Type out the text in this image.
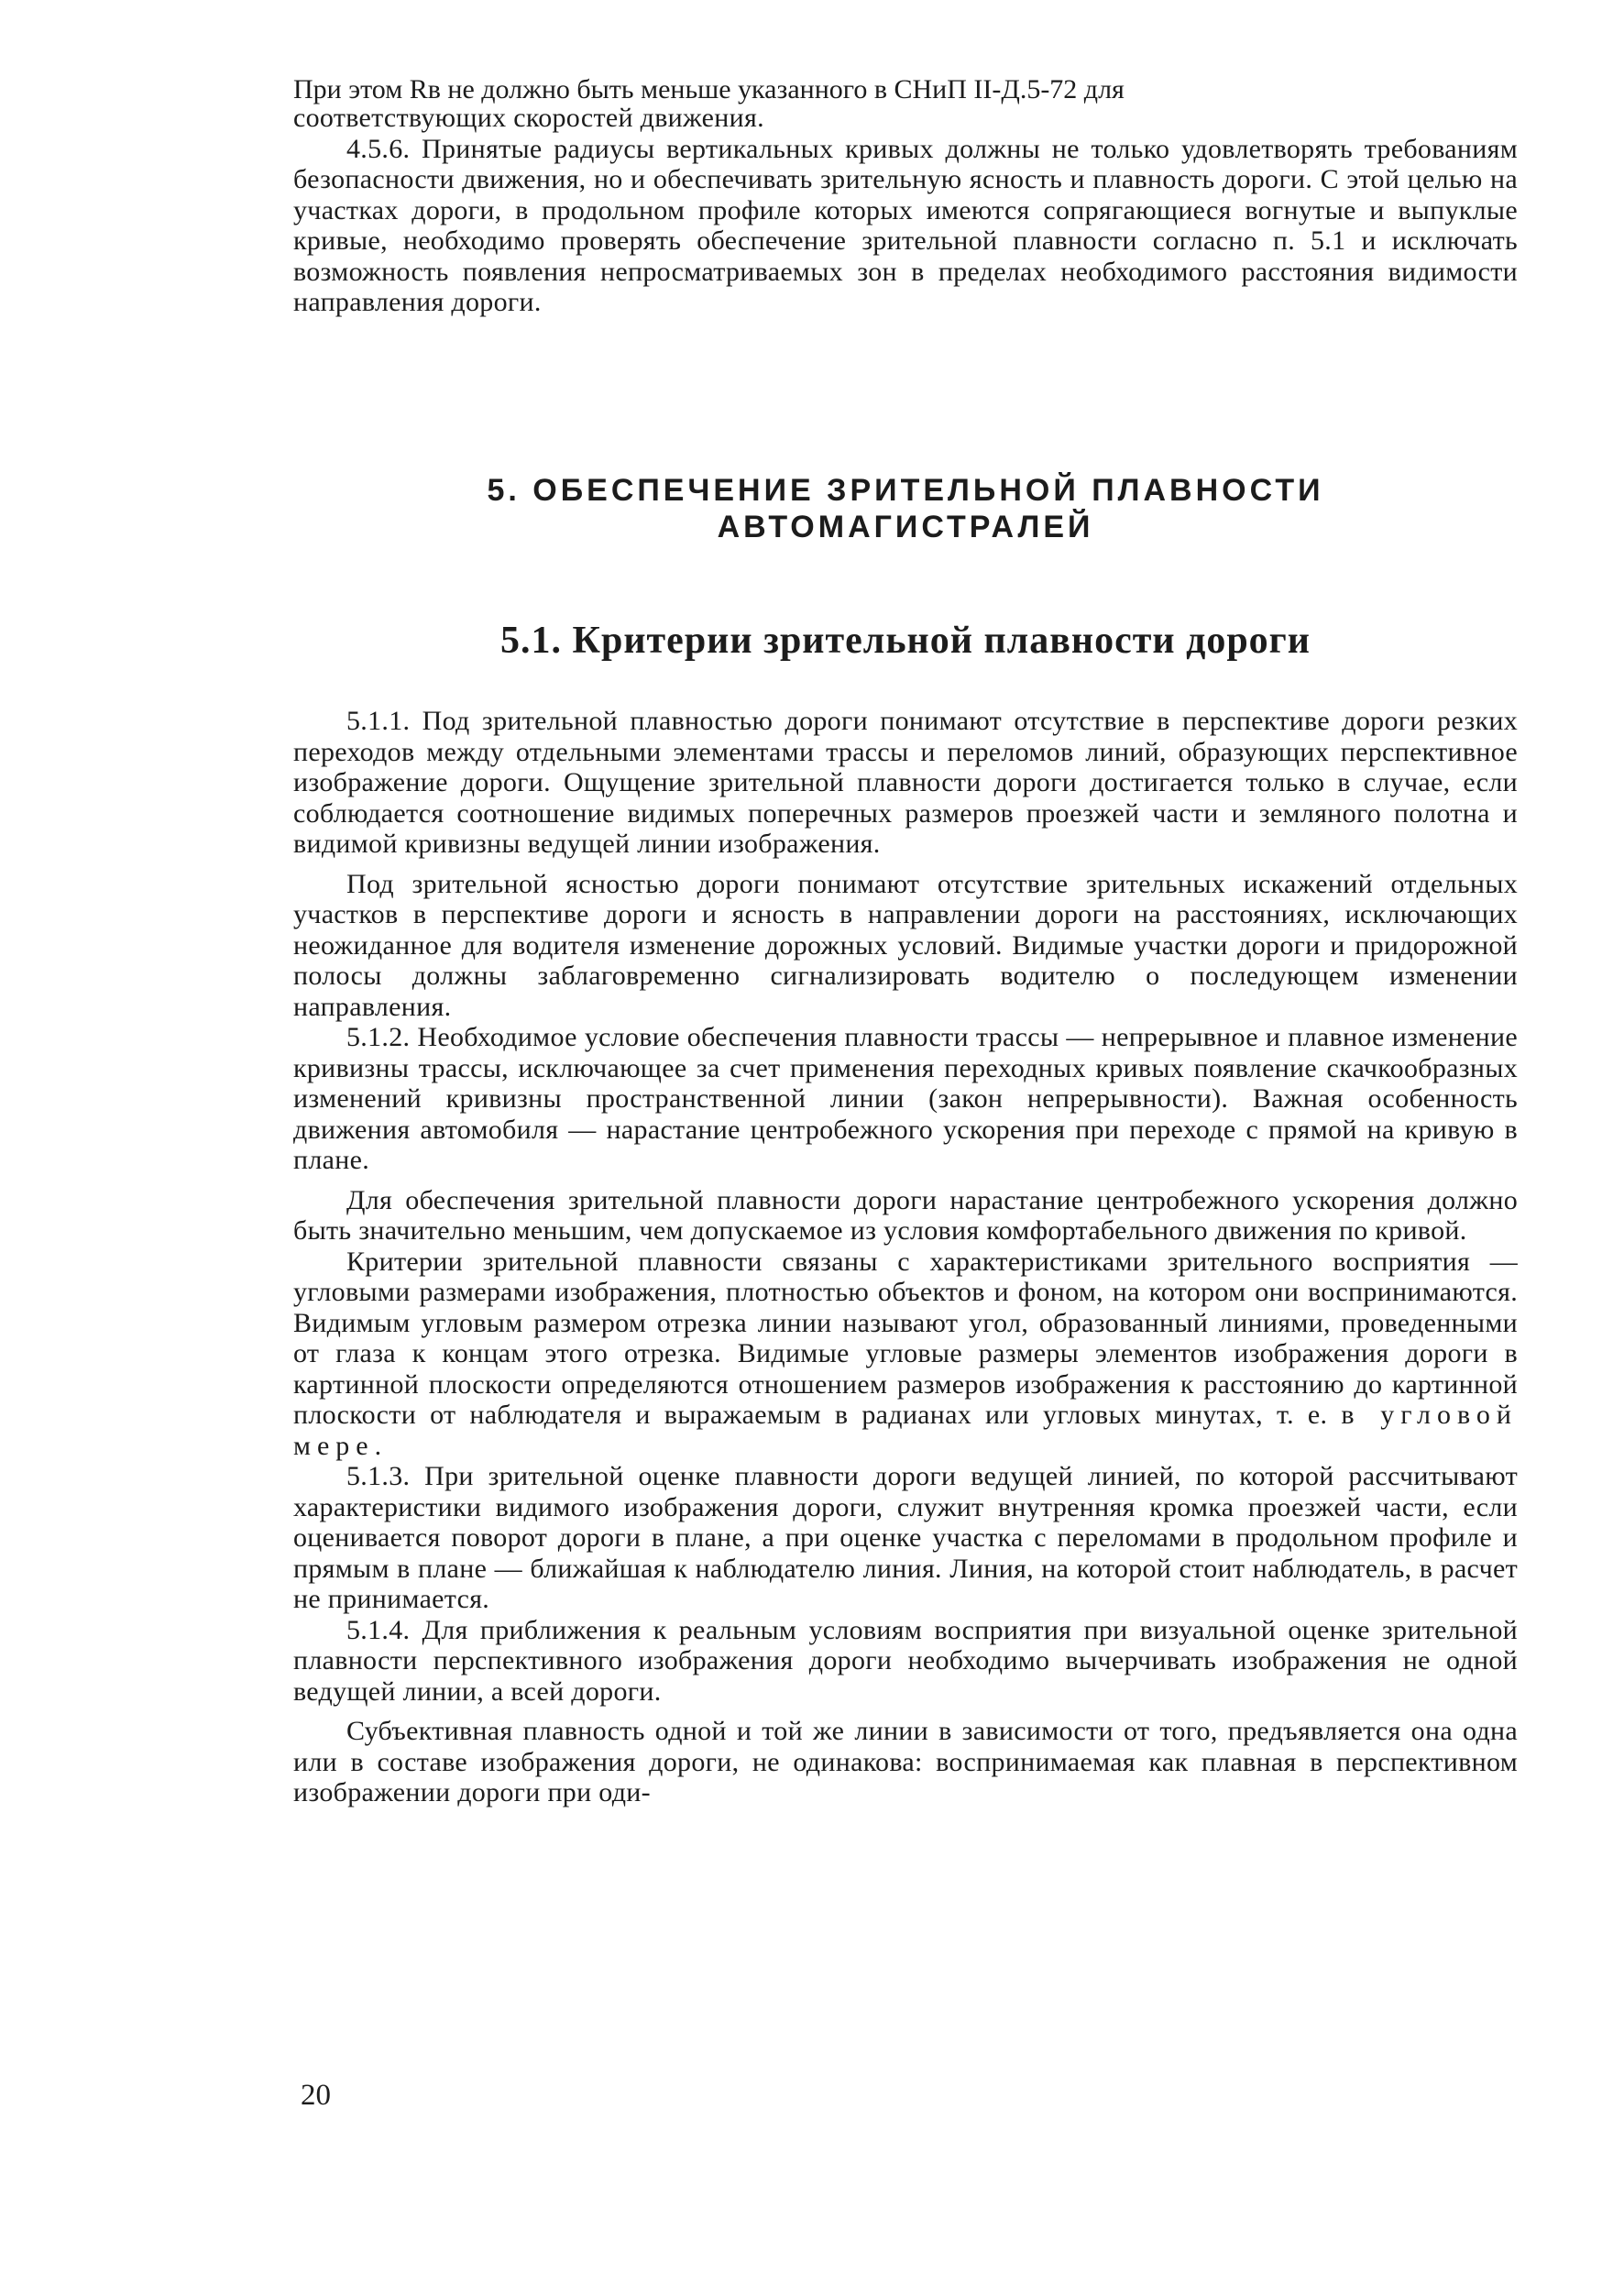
При этом Rв не должно быть меньше указанного в СНиП II-Д.5-72 для

соответствующих скоростей движения.

4.5.6. Принятые радиусы вертикальных кривых должны не только удовлетворять требованиям безопасности движения, но и обеспечивать зрительную ясность и плавность дороги. С этой целью на участках дороги, в продольном профиле которых имеются сопрягающиеся вогнутые и выпуклые кривые, необходимо проверять обеспечение зрительной плавности согласно п. 5.1 и исключать возможность появления непросматриваемых зон в пределах необходимого расстояния видимости направления дороги.

5. ОБЕСПЕЧЕНИЕ ЗРИТЕЛЬНОЙ ПЛАВНОСТИ
АВТОМАГИСТРАЛЕЙ
5.1. Критерии зрительной плавности дороги

5.1.1. Под зрительной плавностью дороги понимают отсутствие в перспективе дороги резких переходов между отдельными элементами трассы и переломов линий, образующих перспективное изображение дороги. Ощущение зрительной плавности дороги достигается только в случае, если соблюдается соотношение видимых поперечных размеров проезжей части и земляного полотна и видимой кривизны ведущей линии изображения.

Под зрительной ясностью дороги понимают отсутствие зрительных искажений отдельных участков в перспективе дороги и ясность в направлении дороги на расстояниях, исключающих неожиданное для водителя изменение дорожных условий. Видимые участки дороги и придорожной полосы должны заблаговременно сигнализировать водителю о последующем изменении направления.

5.1.2. Необходимое условие обеспечения плавности трассы — непрерывное и плавное изменение кривизны трассы, исключающее за счет применения переходных кривых появление скачкообразных изменений кривизны пространственной линии (закон непрерывности). Важная особенность движения автомобиля — нарастание центробежного ускорения при переходе с прямой на кривую в плане.

Для обеспечения зрительной плавности дороги нарастание центробежного ускорения должно быть значительно меньшим, чем допускаемое из условия комфортабельного движения по кривой.

Критерии зрительной плавности связаны с характеристиками зрительного восприятия — угловыми размерами изображения, плотностью объектов и фоном, на котором они воспринимаются. Видимым угловым размером отрезка линии называют угол, образованный линиями, проведенными от глаза к концам этого отрезка. Видимые угловые размеры элементов изображения дороги в картинной плоскости определяются отношением размеров изображения к расстоянию до картинной плоскости от наблюдателя и выражаемым в радианах или угловых минутах, т. е. в угловой мере.

5.1.3. При зрительной оценке плавности дороги ведущей линией, по которой рассчитывают характеристики видимого изображения дороги, служит внутренняя кромка проезжей части, если оценивается поворот дороги в плане, а при оценке участка с переломами в продольном профиле и прямым в плане — ближайшая к наблюдателю линия. Линия, на которой стоит наблюдатель, в расчет не принимается.

5.1.4. Для приближения к реальным условиям восприятия при визуальной оценке зрительной плавности перспективного изображения дороги необходимо вычерчивать изображения не одной ведущей линии, а всей дороги.

Субъективная плавность одной и той же линии в зависимости от того, предъявляется она одна или в составе изображения дороги, не одинакова: воспринимаемая как плавная в перспективном изображении дороги при оди-

20
